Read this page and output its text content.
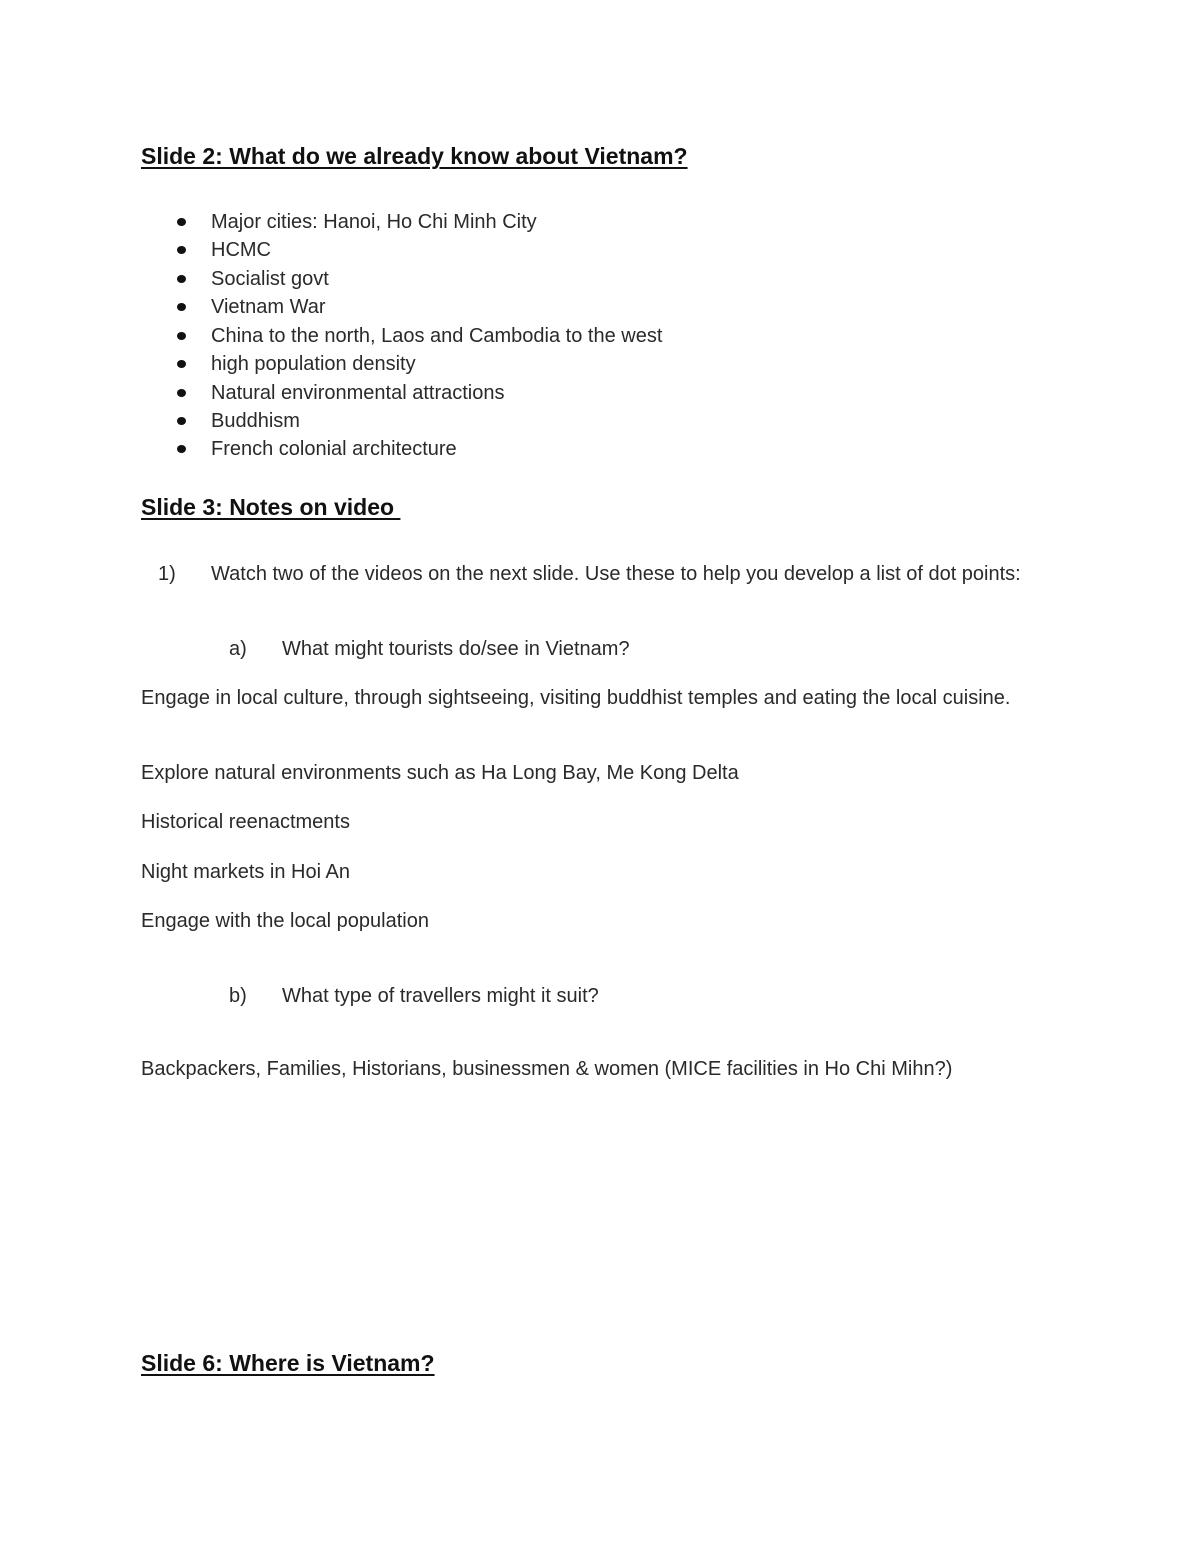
Slide 2: What do we already know about Vietnam?
Major cities: Hanoi, Ho Chi Minh City
HCMC
Socialist govt
Vietnam War
China to the north, Laos and Cambodia to the west
high population density
Natural environmental attractions
Buddhism
French colonial architecture
Slide 3: Notes on video
1) Watch two of the videos on the next slide. Use these to help you develop a list of dot points:
a) What might tourists do/see in Vietnam?
Engage in local culture, through sightseeing, visiting buddhist temples and eating the local cuisine.
Explore natural environments such as Ha Long Bay, Me Kong Delta
Historical reenactments
Night markets in Hoi An
Engage with the local population
b) What type of travellers might it suit?
Backpackers, Families, Historians, businessmen & women (MICE facilities in Ho Chi Mihn?)
Slide 6: Where is Vietnam?
